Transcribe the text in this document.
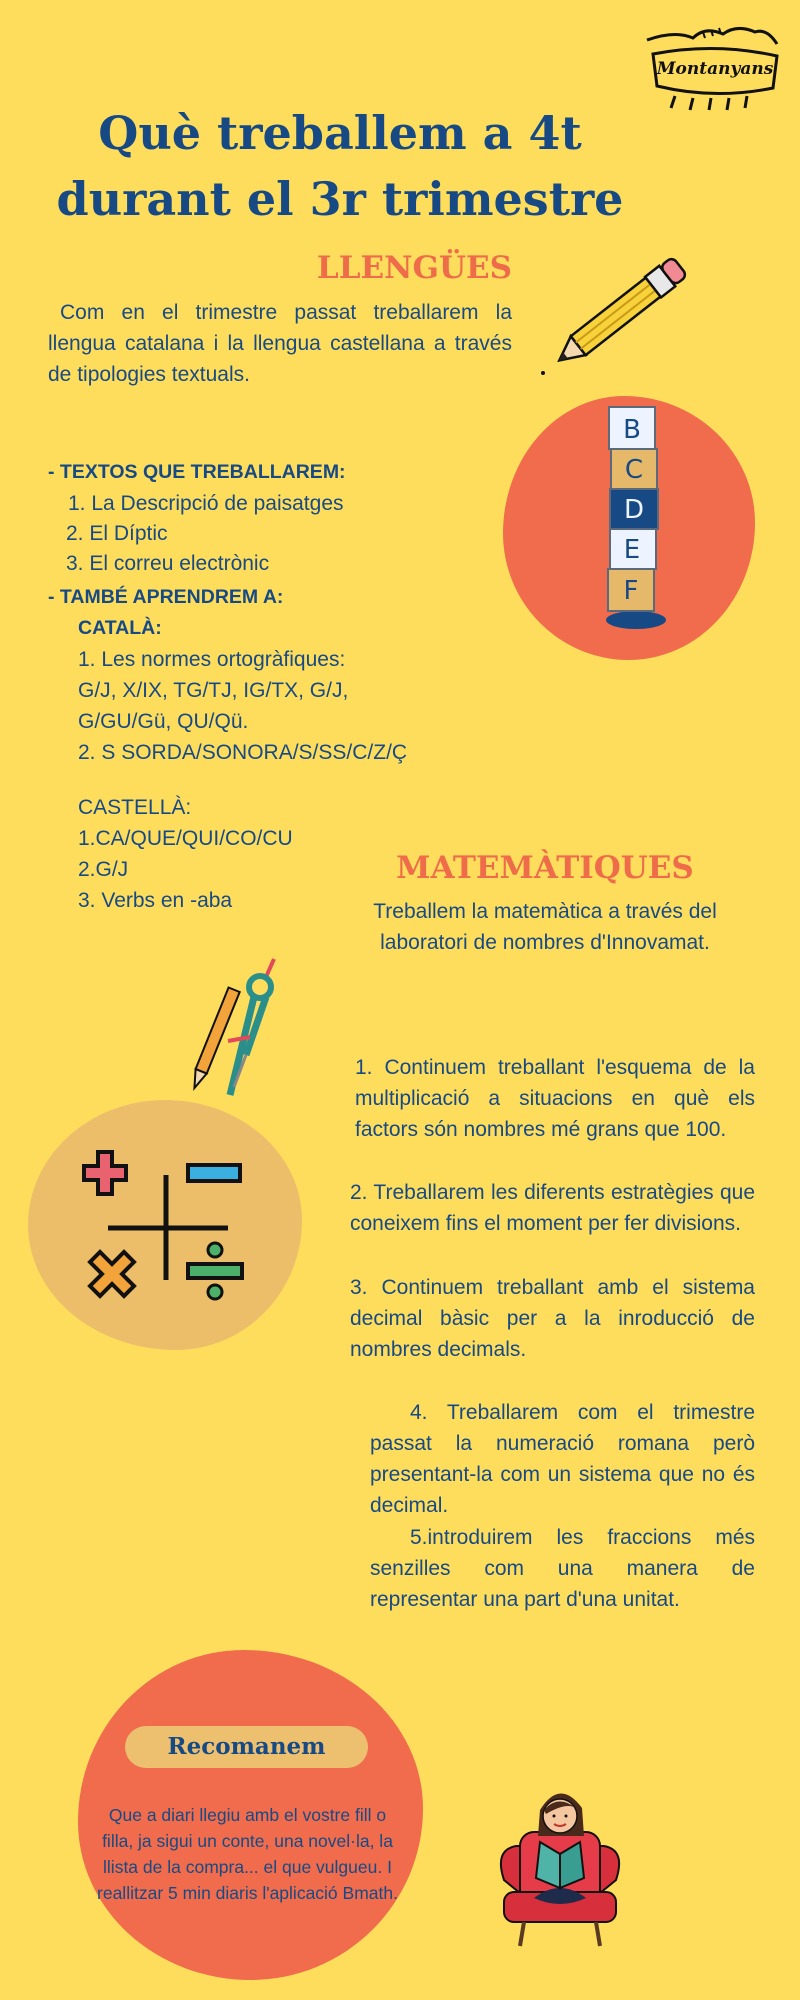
Montanyans
Què treballem a 4t
durant el 3r trimestre
LLENGÜES

Com en el trimestre passat treballarem la llengua catalana i la llengua castellana a través de tipologies textuals.

B
C
D
E
F

- TEXTOS QUE TREBALLAREM:

1. La Descripció de paisatges
2. El Díptic
3. El correu electrònic

- TAMBÉ APRENDREM A:

CATALÀ:

1. Les normes ortogràfiques:

G/J, X/IX, TG/TJ, IG/TX, G/J,

G/GU/Gü, QU/Qü.

2. S SORDA/SONORA/S/SS/C/Z/Ç

CASTELLÀ:

1.CA/QUE/QUI/CO/CU

2.G/J

3. Verbs en -aba

MATEMÀTIQUES

Treballem la matemàtica a través del laboratori de nombres d'Innovamat.

1. Continuem treballant l'esquema de la multiplicació a situacions en què els factors són nombres mé grans que 100.

2. Treballarem les diferents estratègies que coneixem fins el moment per fer divisions.

3. Continuem treballant amb el sistema decimal bàsic per a la inroducció de nombres decimals.

4. Treballarem com el trimestre passat la numeració romana però presentant-la com un sistema que no és decimal.

5.introduirem les fraccions més senzilles com una manera de representar una part d'una unitat.

Recomanem

Que a diari llegiu amb el vostre fill o filla, ja sigui un conte, una novel·la, la llista de la compra... el que vulgueu. I reallitzar 5 min diaris l'aplicació Bmath.
